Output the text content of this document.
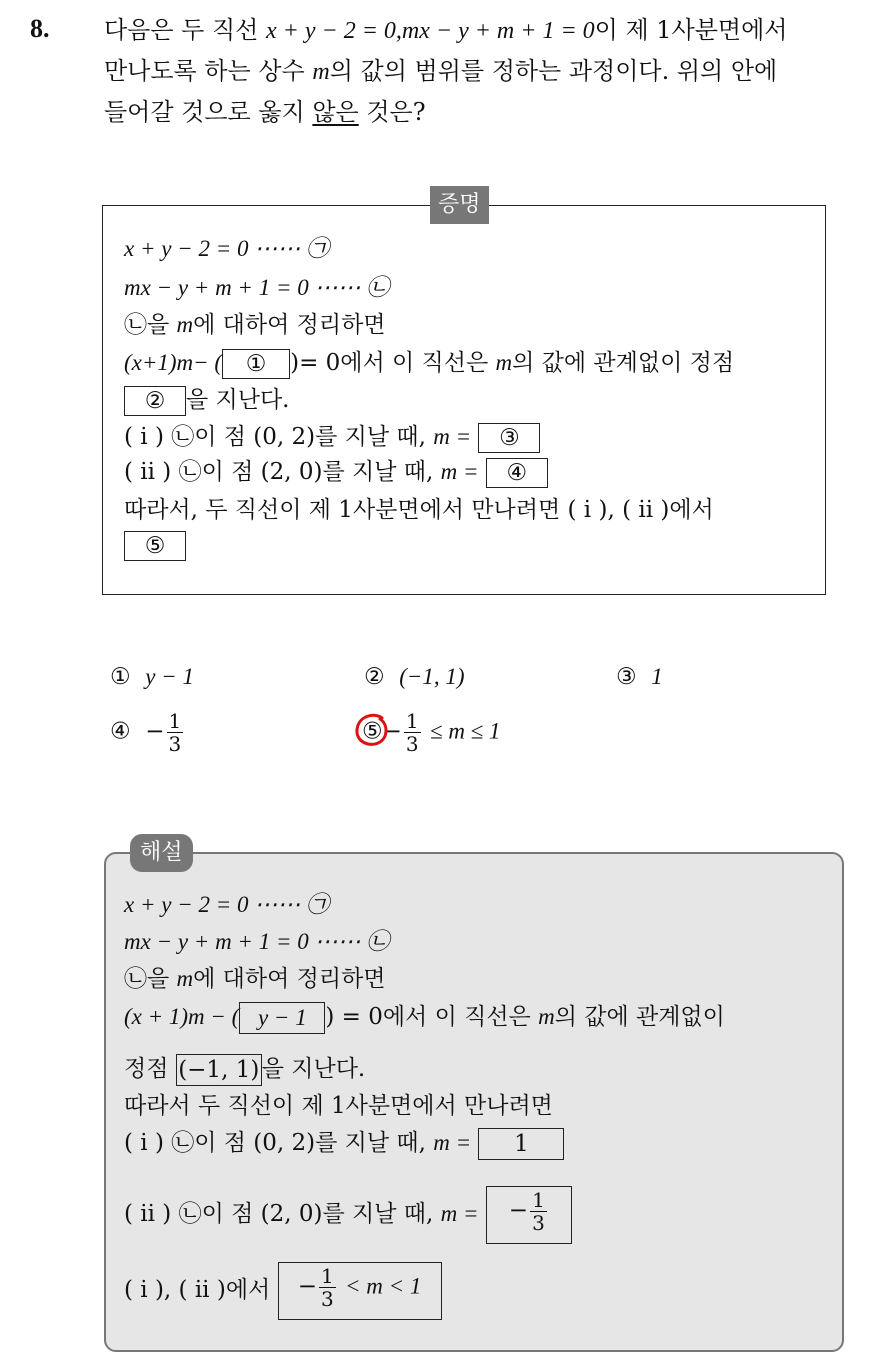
8. 다음은 두 직선 x + y − 2 = 0,mx − y + m + 1 = 0이 제 1사분면에서
만나도록 하는 상수 m의 값의 범위를 정하는 과정이다. 위의 안에
들어갈 것으로 옳지 않은 것은?
증명
x + y − 2 = 0 ⋯⋯ ㉠
mx − y + m + 1 = 0 ⋯⋯ ㉡
㉡을 m에 대하여 정리하면
(x+1)m− ( ① )= 0에서 이 직선은 m의 값에 관계없이 정점
② 을 지난다.
( i ) ㉡이 점 (0, 2)를 지날 때, m = ③
( ii ) ㉡이 점 (2, 0)를 지날 때, m = ④
따라서, 두 직선이 제 1사분면에서 만나려면 ( i ), ( ii )에서
⑤
① y − 1	② (−1, 1)	③ 1
④ − $\frac{1}{3}$	⑤− $\frac{1}{3} \le m \le 1$
해설
x + y − 2 = 0 ⋯⋯ ㉠
mx − y + m + 1 = 0 ⋯⋯ ㉡
㉡을 m에 대하여 정리하면
(x + 1)m − ( y − 1 ) = 0에서 이 직선은 m의 값에 관계없이
정점 (−1, 1) 을 지난다.
따라서 두 직선이 제 1사분면에서 만나려면
( i ) ㉡이 점 (0, 2)를 지날 때, m = 1
( ii ) ㉡이 점 (2, 0)를 지날 때, m = − $\frac{1}{3}$
( i ), ( ii )에서 − $\frac{1}{3} < m < 1$
